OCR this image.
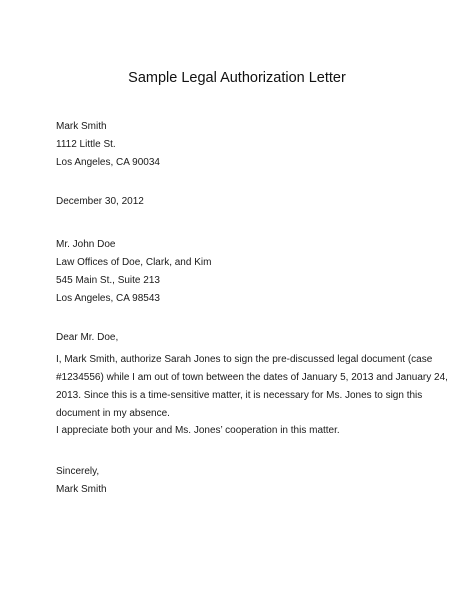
Sample Legal Authorization Letter
Mark Smith
1112 Little St.
Los Angeles, CA 90034
December 30, 2012
Mr. John Doe
Law Offices of Doe, Clark, and Kim
545 Main St., Suite 213
Los Angeles, CA 98543
Dear Mr. Doe,
I, Mark Smith, authorize Sarah Jones to sign the pre-discussed legal document (case
#1234556) while I am out of town between the dates of January 5, 2013 and January 24,
2013. Since this is a time-sensitive matter, it is necessary for Ms. Jones to sign this
document in my absence.
I appreciate both your and Ms. Jones’ cooperation in this matter.
Sincerely,
Mark Smith
